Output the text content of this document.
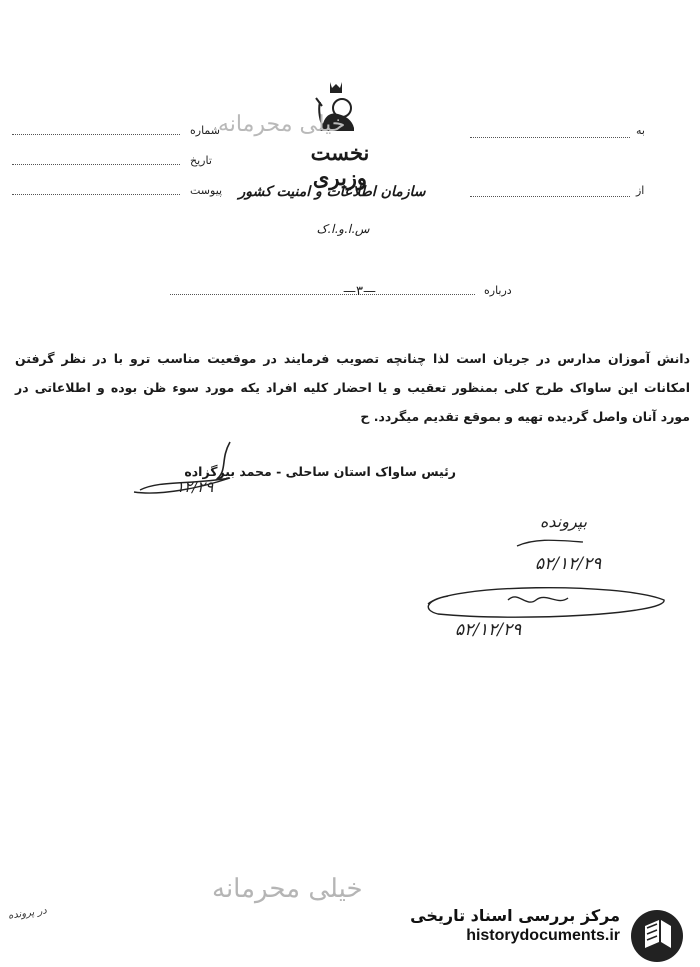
به
از
شماره
تاریخ
پیوست
خیلی محرمانه
نخست وزیری
سازمان اطلاعات و امنیت کشور
س.ا.و.ا.ک
درباره
—۳—
دانش آموزان مدارس در جریان است لذا چنانچه تصویب فرمایند در موقعیت مناسب ترو با در نظر گرفتن امکانات این ساواک طرح کلی بمنظور تعقیب و یا احضار کلیه افراد یکه مورد سوء ظن بوده و اطلاعاتی در مورد آنان واصل گردیده تهیه و بموقع تقدیم میگردد. ح
رئیس ساواک استان ساحلی - محمد بیرگزاده
۱۲/۲۹
بپرونده
۵۲/۱۲/۲۹
۵۲/۱۲/۲۹
خیلی محرمانه
در پرونده	مرکز بررسی اسناد تاریخی
historydocuments.ir
